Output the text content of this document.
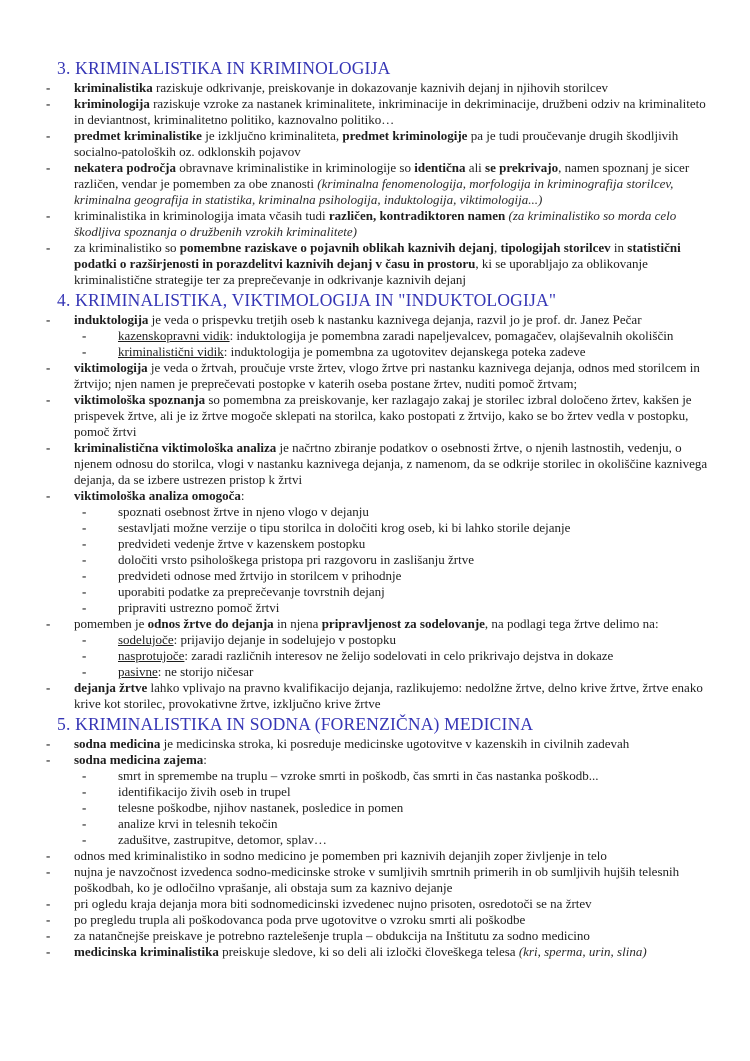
3. KRIMINALISTIKA IN KRIMINOLOGIJA
- kriminalistika raziskuje odkrivanje, preiskovanje in dokazovanje kaznivih dejanj in njihovih storilcev
- kriminologija raziskuje vzroke za nastanek kriminalitete, inkriminacije in dekriminacije, družbeni odziv na kriminaliteto in deviantnost, kriminalitetno politiko, kaznovalno politiko…
- predmet kriminalistike je izključno kriminaliteta, predmet kriminologije pa je tudi proučevanje drugih škodljivih socialno-patoloških oz. odklonskih pojavov
- nekatera področja obravnave kriminalistike in kriminologije so identična ali se prekrivajo, namen spoznanj je sicer različen, vendar je pomemben za obe znanosti (kriminalna fenomenologija, morfologija in kriminografija storilcev, kriminalna geografija in statistika, kriminalna psihologija, induktologija, viktimologija...)
- kriminalistika in kriminologija imata včasih tudi različen, kontradiktoren namen (za kriminalistiko so morda celo škodljiva spoznanja o družbenih vzrokih kriminalitete)
- za kriminalistiko so pomembne raziskave o pojavnih oblikah kaznivih dejanj, tipologijah storilcev in statistični podatki o razširjenosti in porazdelitvi kaznivih dejanj v času in prostoru, ki se uporabljajo za oblikovanje kriminalistične strategije ter za preprečevanje in odkrivanje kaznivih dejanj
4. KRIMINALISTIKA, VIKTIMOLOGIJA IN "INDUKTOLOGIJA"
- induktologija je veda o prispevku tretjih oseb k nastanku kaznivega dejanja, razvil jo je prof. dr. Janez Pečar
- kazenskopravni vidik: induktologija je pomembna zaradi napeljevalcev, pomagačev, olajševalnih okoliščin
- kriminalistični vidik: induktologija je pomembna za ugotovitev dejanskega poteka zadeve
- viktimologija je veda o žrtvah, proučuje vrste žrtev, vlogo žrtve pri nastanku kaznivega dejanja, odnos med storilcem in žrtvijo; njen namen je preprečevati postopke v katerih oseba postane žrtev, nuditi pomoč žrtvam;
- viktimološka spoznanja so pomembna za preiskovanje, ker razlagajo zakaj je storilec izbral določeno žrtev, kakšen je prispevek žrtve, ali je iz žrtve mogoče sklepati na storilca, kako postopati z žrtvijo, kako se bo žrtev vedla v postopku, pomoč žrtvi
- kriminalistična viktimološka analiza je načrtno zbiranje podatkov o osebnosti žrtve, o njenih lastnostih, vedenju, o njenem odnosu do storilca, vlogi v nastanku kaznivega dejanja, z namenom, da se odkrije storilec in okoliščine kaznivega dejanja, da se izbere ustrezen pristop k žrtvi
- viktimološka analiza omogoča:
- spoznati osebnost žrtve in njeno vlogo v dejanju
- sestavljati možne verzije o tipu storilca in določiti krog oseb, ki bi lahko storile dejanje
- predvideti vedenje žrtve v kazenskem postopku
- določiti vrsto psihološkega pristopa pri razgovoru in zaslišanju žrtve
- predvideti odnose med žrtvijo in storilcem v prihodnje
- uporabiti podatke za preprečevanje tovrstnih dejanj
- pripraviti ustrezno pomoč žrtvi
- pomemben je odnos žrtve do dejanja in njena pripravljenost za sodelovanje, na podlagi tega žrtve delimo na:
- sodelujoče: prijavijo dejanje in sodelujejo v postopku
- nasprotujoče: zaradi različnih interesov ne želijo sodelovati in celo prikrivajo dejstva in dokaze
- pasivne: ne storijo ničesar
- dejanja žrtve lahko vplivajo na pravno kvalifikacijo dejanja, razlikujemo: nedolžne žrtve, delno krive žrtve, žrtve enako krive kot storilec, provokativne žrtve, izključno krive žrtve
5. KRIMINALISTIKA IN SODNA (FORENZIČNA) MEDICINA
- sodna medicina je medicinska stroka, ki posreduje medicinske ugotovitve v kazenskih in civilnih zadevah
- sodna medicina zajema:
- smrt in spremembe na truplu – vzroke smrti in poškodb, čas smrti in čas nastanka poškodb...
- identifikacijo živih oseb in trupel
- telesne poškodbe, njihov nastanek, posledice in pomen
- analize krvi in telesnih tekočin
- zadušitve, zastrupitve, detomor, splav…
- odnos med kriminalistiko in sodno medicino je pomemben pri kaznivih dejanjih zoper življenje in telo
- nujna je navzočnost izvedenca sodno-medicinske stroke v sumljivih smrtnih primerih in ob sumljivih hujših telesnih poškodbah, ko je odločilno vprašanje, ali obstaja sum za kaznivo dejanje
- pri ogledu kraja dejanja mora biti sodnomedicinski izvedenec nujno prisoten, osredotoči se na žrtev
- po pregledu trupla ali poškodovanca poda prve ugotovitve o vzroku smrti ali poškodbe
- za natančnejše preiskave je potrebno raztelešenje trupla – obdukcija na Inštitutu za sodno medicino
- medicinska kriminalistika preiskuje sledove, ki so deli ali izločki človeškega telesa (kri, sperma, urin, slina)
